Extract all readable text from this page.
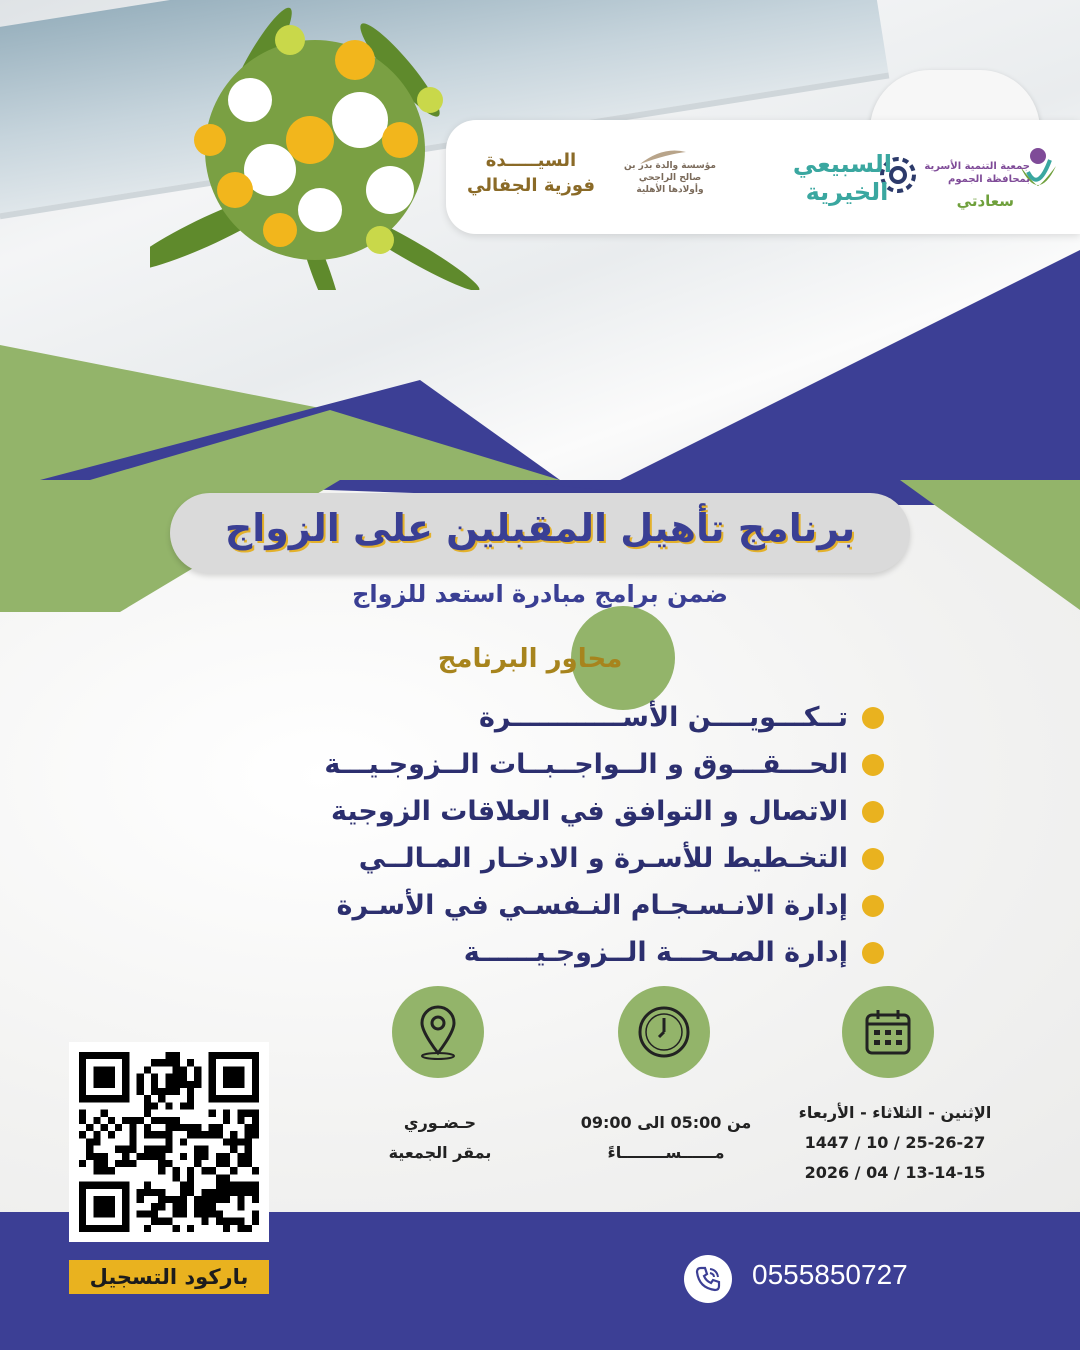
جمعية التنمية الأسرية بمحافظة الجموم
سعادتي
السبيعي
الخيرية
مؤسسة والدة بدر بن صالح الراجحي وأولادها الأهلية
السيـــــدة
فوزية الجفالي
برنامج تأهيل المقبلين على الزواج
ضمن برامج مبادرة استعد للزواج
محاور البرنامج
تــكـــويــــن الأســــــــــــرة
الحـــقـــوق و الــواجــبــات الــزوجـيـــة
الاتصال و التوافق في العلاقات الزوجية
التخـطيط للأسـرة و الادخـار المـالــي
إدارة الانـسـجـام النـفسـي في الأسـرة
إدارة الصـحـــة الــزوجـيــــــة
الإثنين - الثلاثاء - الأربعاء
25-26-27 / 10 / 1447
13-14-15 / 04 / 2026
من 05:00 الى 09:00
مــــــســــــــاءً
حـضـوري
بمقر الجمعية
باركود التسجيل	0555850727
